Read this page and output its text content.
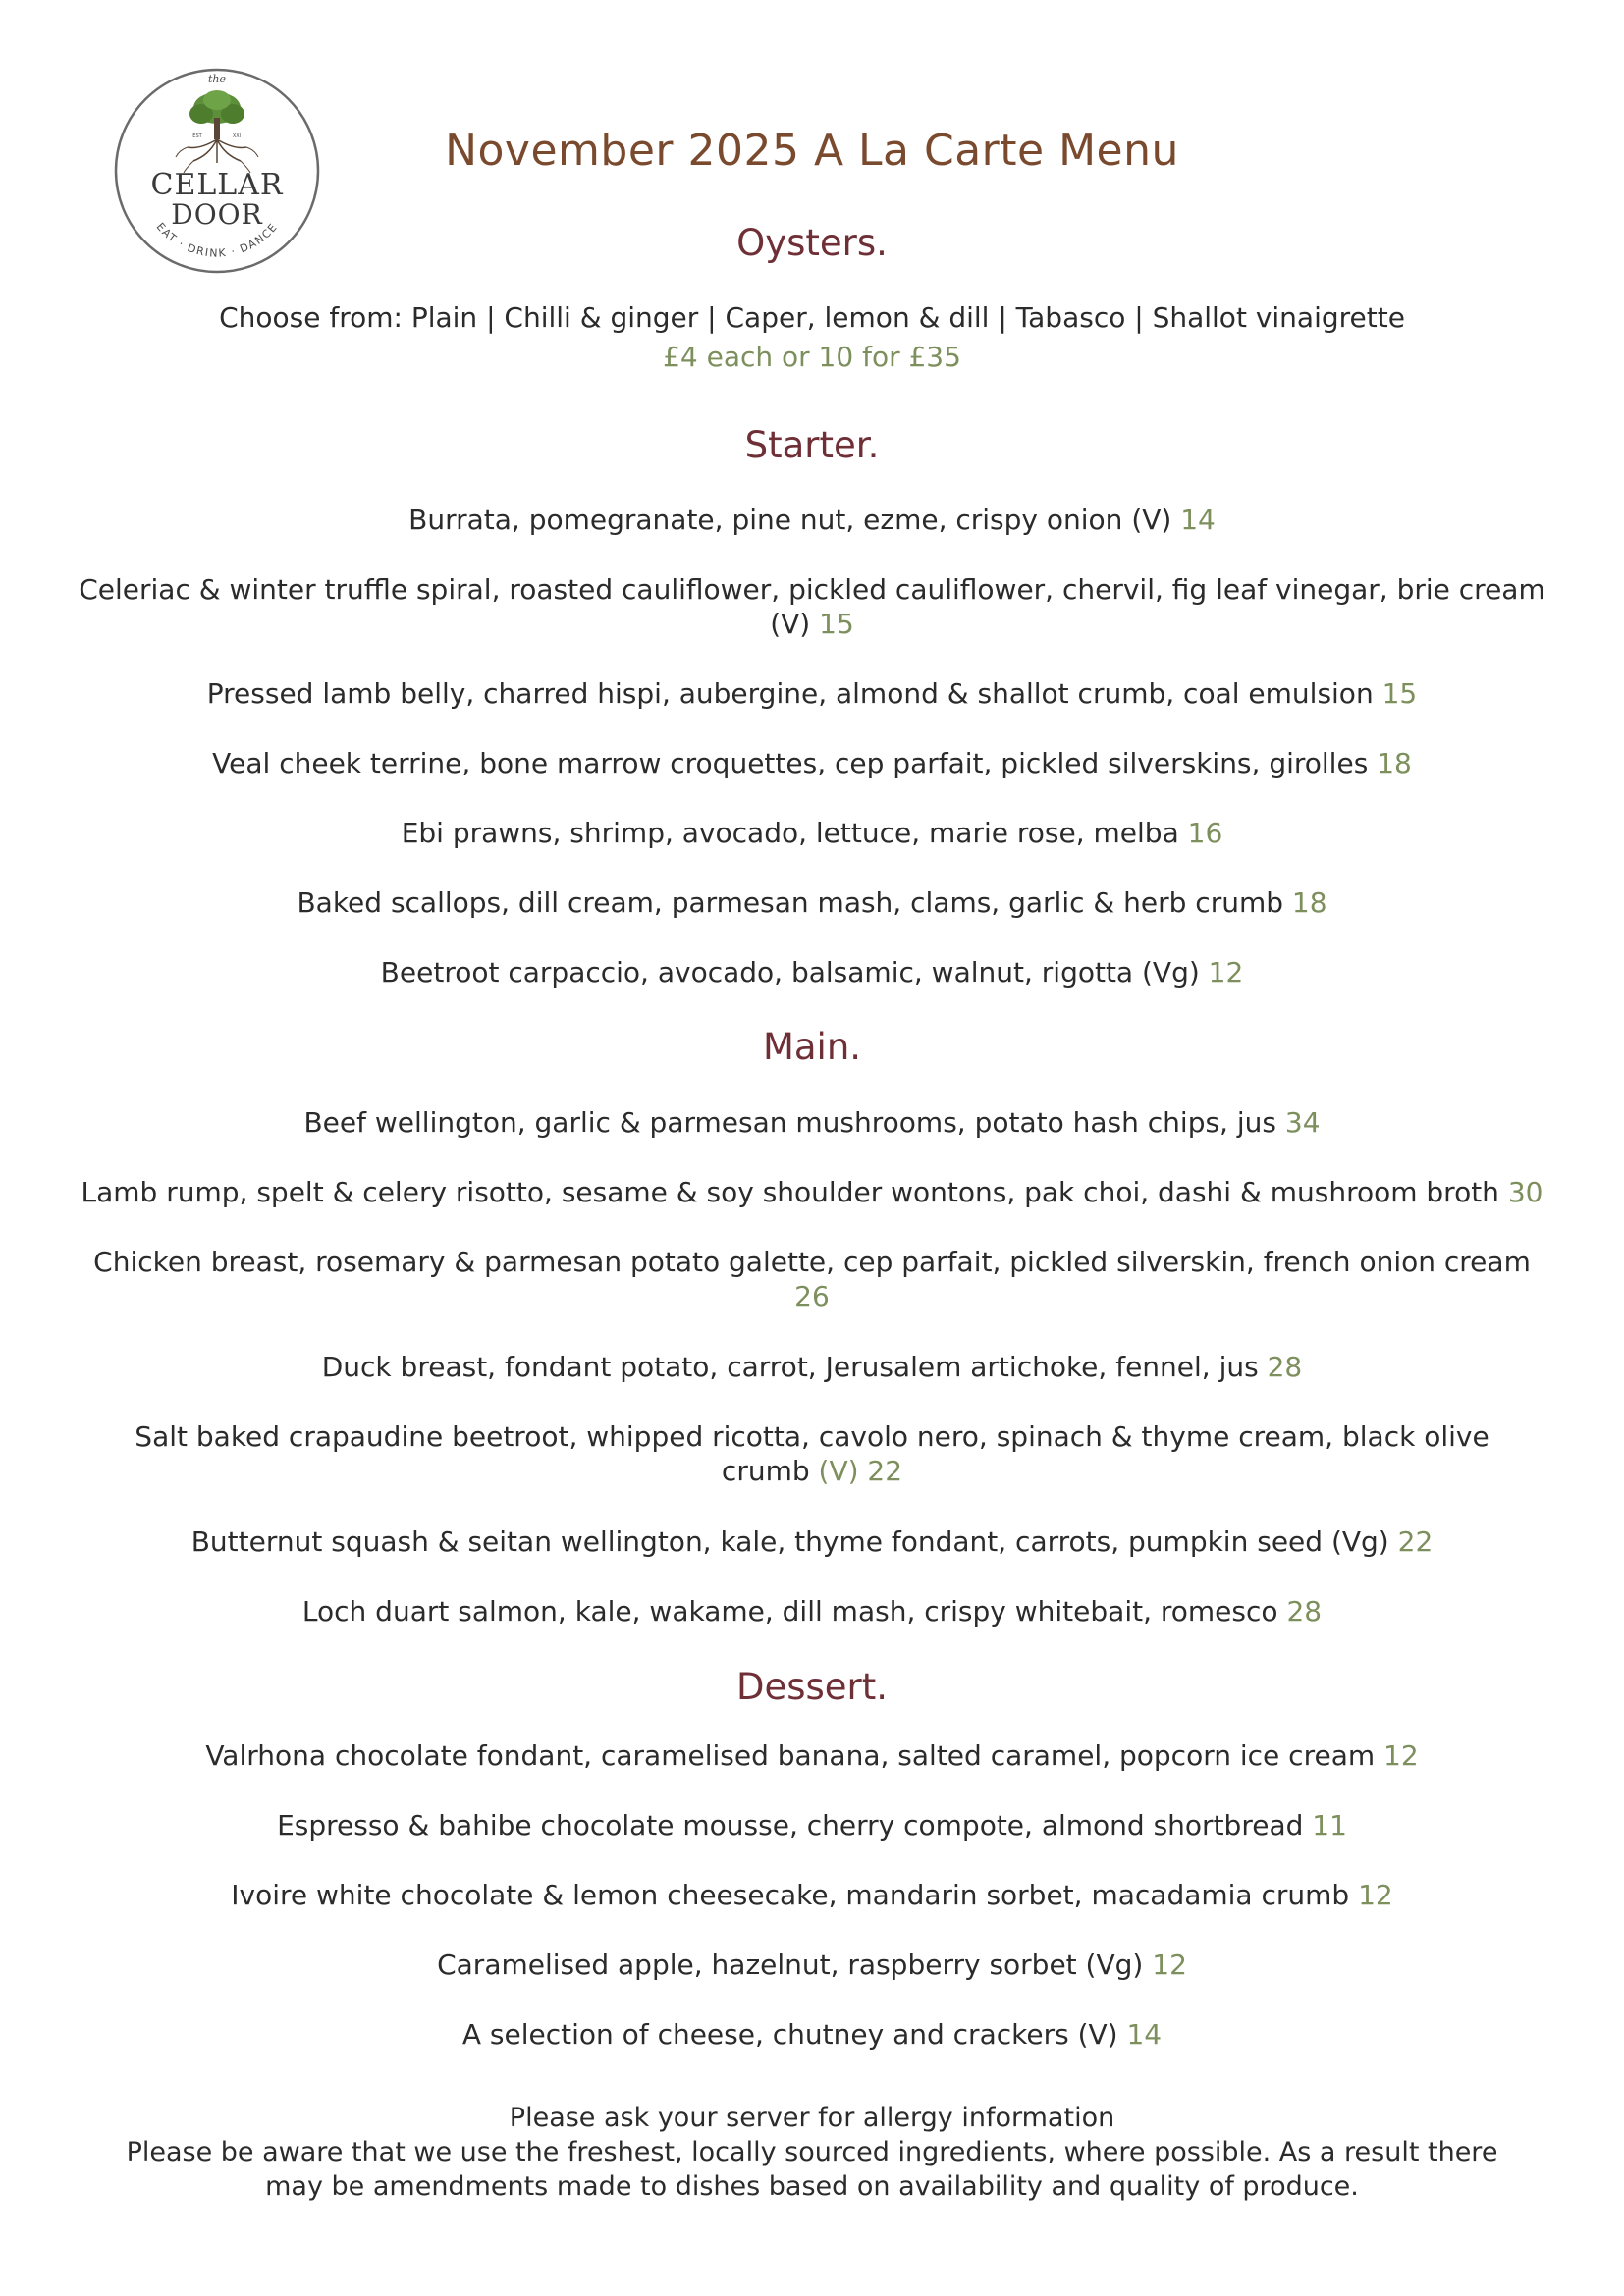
the
EST	XXI
CELLAR
DOOR
EAT · DRINK · DANCE
November 2025 A La Carte Menu
Oysters.
Choose from: Plain | Chilli & ginger | Caper, lemon & dill | Tabasco | Shallot vinaigrette
£4 each or 10 for £35
Starter.
Burrata, pomegranate, pine nut, ezme, crispy onion (V) 14
Celeriac & winter truffle spiral, roasted cauliflower, pickled cauliflower, chervil, fig leaf vinegar, brie cream
(V) 15
Pressed lamb belly, charred hispi, aubergine, almond & shallot crumb, coal emulsion 15
Veal cheek terrine, bone marrow croquettes, cep parfait, pickled silverskins, girolles 18
Ebi prawns, shrimp, avocado, lettuce, marie rose, melba 16
Baked scallops, dill cream, parmesan mash, clams, garlic & herb crumb 18
Beetroot carpaccio, avocado, balsamic, walnut, rigotta (Vg) 12
Main.
Beef wellington, garlic & parmesan mushrooms, potato hash chips, jus 34
Lamb rump, spelt & celery risotto, sesame & soy shoulder wontons, pak choi, dashi & mushroom broth 30
Chicken breast, rosemary & parmesan potato galette, cep parfait, pickled silverskin, french onion cream
26
Duck breast, fondant potato, carrot, Jerusalem artichoke, fennel, jus 28
Salt baked crapaudine beetroot, whipped ricotta, cavolo nero, spinach & thyme cream, black olive
crumb (V) 22
Butternut squash & seitan wellington, kale, thyme fondant, carrots, pumpkin seed (Vg) 22
Loch duart salmon, kale, wakame, dill mash, crispy whitebait, romesco 28
Dessert.
Valrhona chocolate fondant, caramelised banana, salted caramel, popcorn ice cream 12
Espresso & bahibe chocolate mousse, cherry compote, almond shortbread 11
Ivoire white chocolate & lemon cheesecake, mandarin sorbet, macadamia crumb 12
Caramelised apple, hazelnut, raspberry sorbet (Vg) 12
A selection of cheese, chutney and crackers (V) 14
Please ask your server for allergy information
Please be aware that we use the freshest, locally sourced ingredients, where possible. As a result there
may be amendments made to dishes based on availability and quality of produce.
